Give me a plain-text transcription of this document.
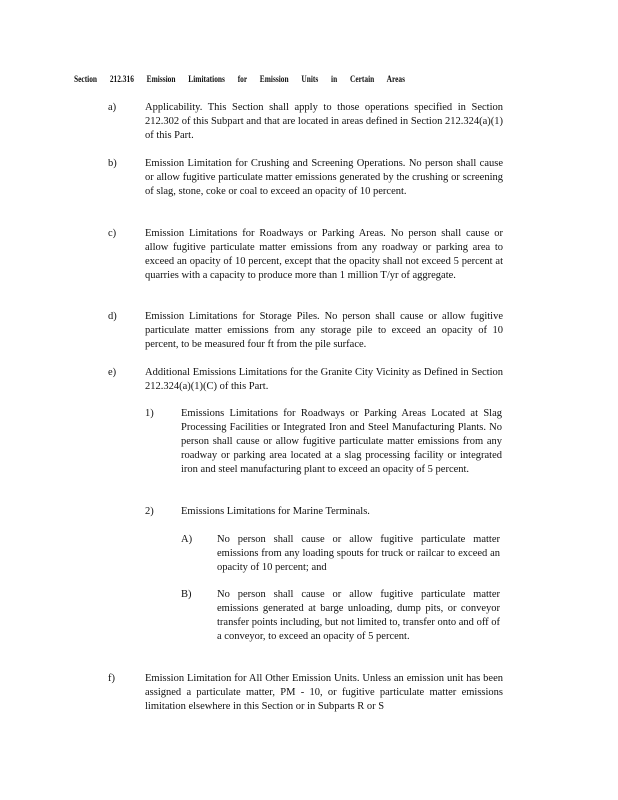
Section 212.316 Emission Limitations for Emission Units in Certain Areas
a)	Applicability. This Section shall apply to those operations specified in Section 212.302 of this Subpart and that are located in areas defined in Section 212.324(a)(1) of this Part.
b)	Emission Limitation for Crushing and Screening Operations. No person shall cause or allow fugitive particulate matter emissions generated by the crushing or screening of slag, stone, coke or coal to exceed an opacity of 10 percent.
c)	Emission Limitations for Roadways or Parking Areas. No person shall cause or allow fugitive particulate matter emissions from any roadway or parking area to exceed an opacity of 10 percent, except that the opacity shall not exceed 5 percent at quarries with a capacity to produce more than 1 million T/yr of aggregate.
d)	Emission Limitations for Storage Piles. No person shall cause or allow fugitive particulate matter emissions from any storage pile to exceed an opacity of 10 percent, to be measured four ft from the pile surface.
e)	Additional Emissions Limitations for the Granite City Vicinity as Defined in Section 212.324(a)(1)(C) of this Part.
1)	Emissions Limitations for Roadways or Parking Areas Located at Slag Processing Facilities or Integrated Iron and Steel Manufacturing Plants. No person shall cause or allow fugitive particulate matter emissions from any roadway or parking area located at a slag processing facility or integrated iron and steel manufacturing plant to exceed an opacity of 5 percent.
2)	Emissions Limitations for Marine Terminals.
A) No person shall cause or allow fugitive particulate matter emissions from any loading spouts for truck or railcar to exceed an opacity of 10 percent; and
B) No person shall cause or allow fugitive particulate matter emissions generated at barge unloading, dump pits, or conveyor transfer points including, but not limited to, transfer onto and off of a conveyor, to exceed an opacity of 5 percent.
f)	Emission Limitation for All Other Emission Units. Unless an emission unit has been assigned a particulate matter, PM - 10, or fugitive particulate matter emissions limitation elsewhere in this Section or in Subparts R or S
